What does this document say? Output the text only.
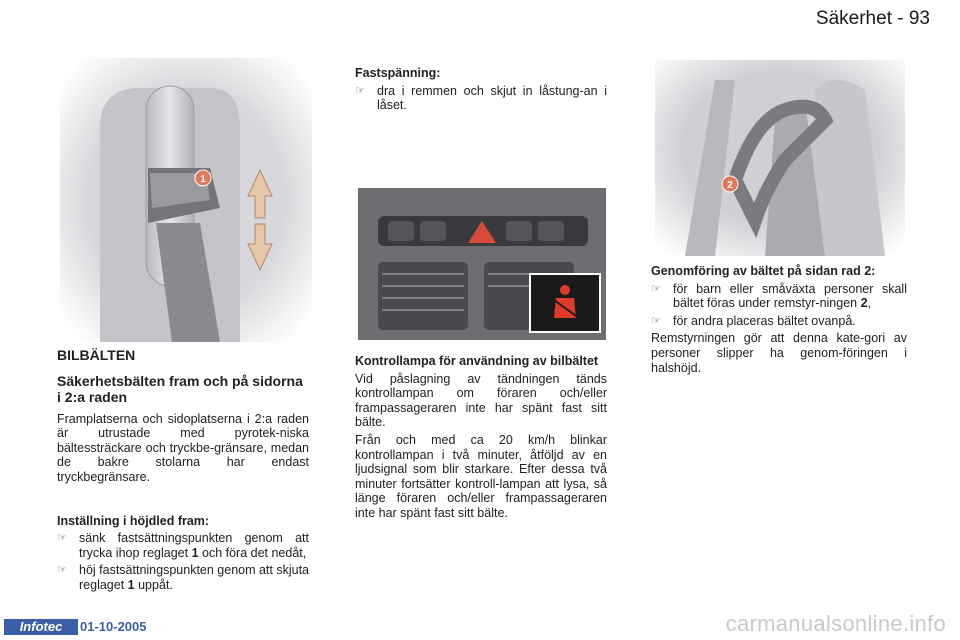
Säkerhet - 93
1
2
BILBÄLTEN
Säkerhetsbälten fram och på sidorna i 2:a raden
Framplatserna och sidoplatserna i 2:a raden är utrustade med pyrotek-niska bältessträckare och tryckbe-gränsare, medan de bakre stolarna har endast tryckbegränsare.
Inställning i höjdled fram:
☞ sänk fastsättningspunkten genom att trycka ihop reglaget 1 och föra det nedåt,
☞ höj fastsättningspunkten genom att skjuta reglaget 1 uppåt.
Fastspänning:
☞ dra i remmen och skjut in låstung-an i låset.
Kontrollampa för användning av bilbältet
Vid påslagning av tändningen tänds kontrollampan om föraren och/eller frampassageraren inte har spänt fast sitt bälte.
Från och med ca 20 km/h blinkar kontrollampan i två minuter, åtföljd av en ljudsignal som blir starkare. Efter dessa två minuter fortsätter kontroll-lampan att lysa, så länge föraren och/eller frampassageraren inte har spänt fast sitt bälte.
Genomföring av bältet på sidan rad 2:
☞ för barn eller småväxta personer skall bältet föras under remstyr-ningen 2,
☞ för andra placeras bältet ovanpå.
Remstyrningen gör att denna kate-gori av personer slipper ha genom-föringen i halshöjd.
Infotec	01-10-2005	carmanualsonline.info
